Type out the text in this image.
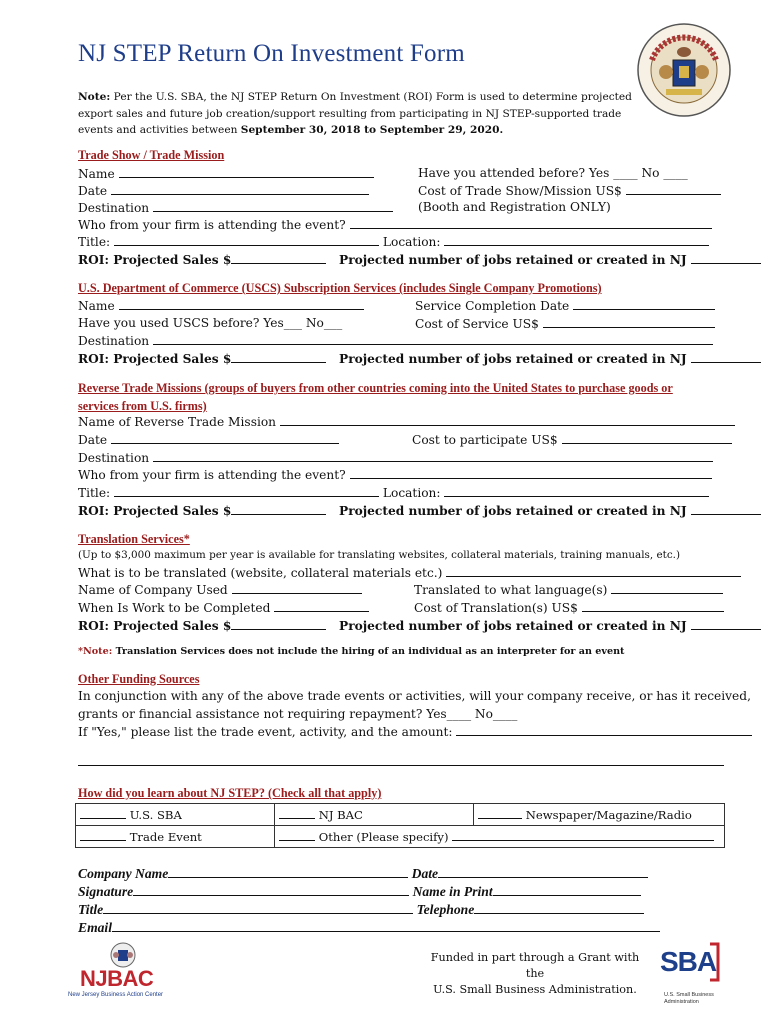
NJ STEP Return On Investment Form
Note: Per the U.S. SBA, the NJ STEP Return On Investment (ROI) Form is used to determine projected export sales and future job creation/support resulting from participating in NJ STEP-supported trade events and activities between September 30, 2018 to September 29, 2020.
Trade Show / Trade Mission
Name	Have you attended before? Yes ____ No ____
Date	Cost of Trade Show/Mission US$
Destination	(Booth and Registration ONLY)
Who from your firm is attending the event?
Title:	Location:
ROI: Projected Sales $	Projected number of jobs retained or created in NJ
U.S. Department of Commerce (USCS) Subscription Services (includes Single Company Promotions)
Name	Service Completion Date
Have you used USCS before? Yes___ No___	Cost of Service US$
Destination
ROI: Projected Sales $	Projected number of jobs retained or created in NJ
Reverse Trade Missions (groups of buyers from other countries coming into the United States to purchase goods or services from U.S. firms)
Name of Reverse Trade Mission
Date	Cost to participate US$
Destination
Who from your firm is attending the event?
Title:	Location:
ROI: Projected Sales $	Projected number of jobs retained or created in NJ
Translation Services*
(Up to $3,000 maximum per year is available for translating websites, collateral materials, training manuals, etc.)
What is to be translated (website, collateral materials etc.)
Name of Company Used	Translated to what language(s)
When Is Work to be Completed	Cost of Translation(s) US$
ROI: Projected Sales $	Projected number of jobs retained or created in NJ
*Note: Translation Services does not include the hiring of an individual as an interpreter for an event
Other Funding Sources
In conjunction with any of the above trade events or activities, will your company receive, or has it received,
grants or financial assistance not requiring repayment? Yes____ No____
If "Yes," please list the trade event, activity, and the amount:
How did you learn about NJ STEP? (Check all that apply)
U.S. SBA	NJ BAC	Newspaper/Magazine/Radio
Trade Event	Other (Please specify)	
Company Name	Date
Signature	Name in Print
Title	Telephone
Email
NJBAC
New Jersey Business Action Center
Funded in part through a Grant with the
U.S. Small Business Administration.
SBA
U.S. Small Business
Administration
